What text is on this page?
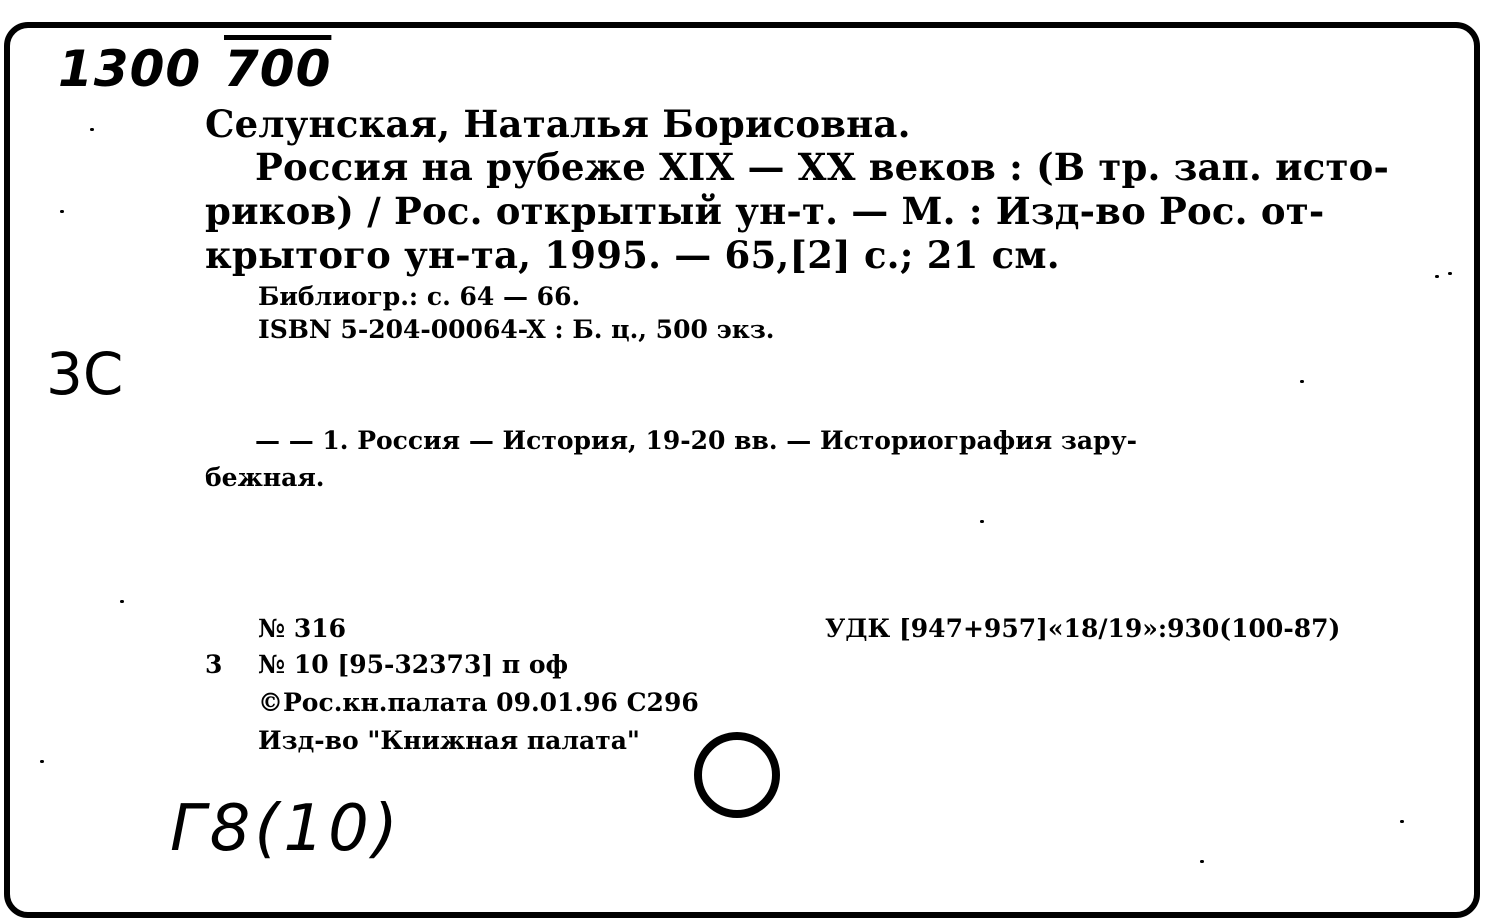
1300 700
3С
Г8(10)
Селунская, Наталья Борисовна.
Россия на рубеже XIX — XX веков : (В тр. зап. исто-
риков) / Рос. открытый ун-т. — М. : Изд-во Рос. от-
крытого ун-та, 1995. — 65,[2] с.; 21 см.
Библиогр.: с. 64 — 66.
ISBN 5-204-00064-X : Б. ц., 500 экз.
— — 1. Россия — История, 19-20 вв. — Историография зару-
бежная.
№ 316	УДК [947+957]«18/19»:930(100-87)
3 № 10 [95-32373] п оф
©Рос.кн.палата 09.01.96 С296
Изд-во "Книжная палата"
